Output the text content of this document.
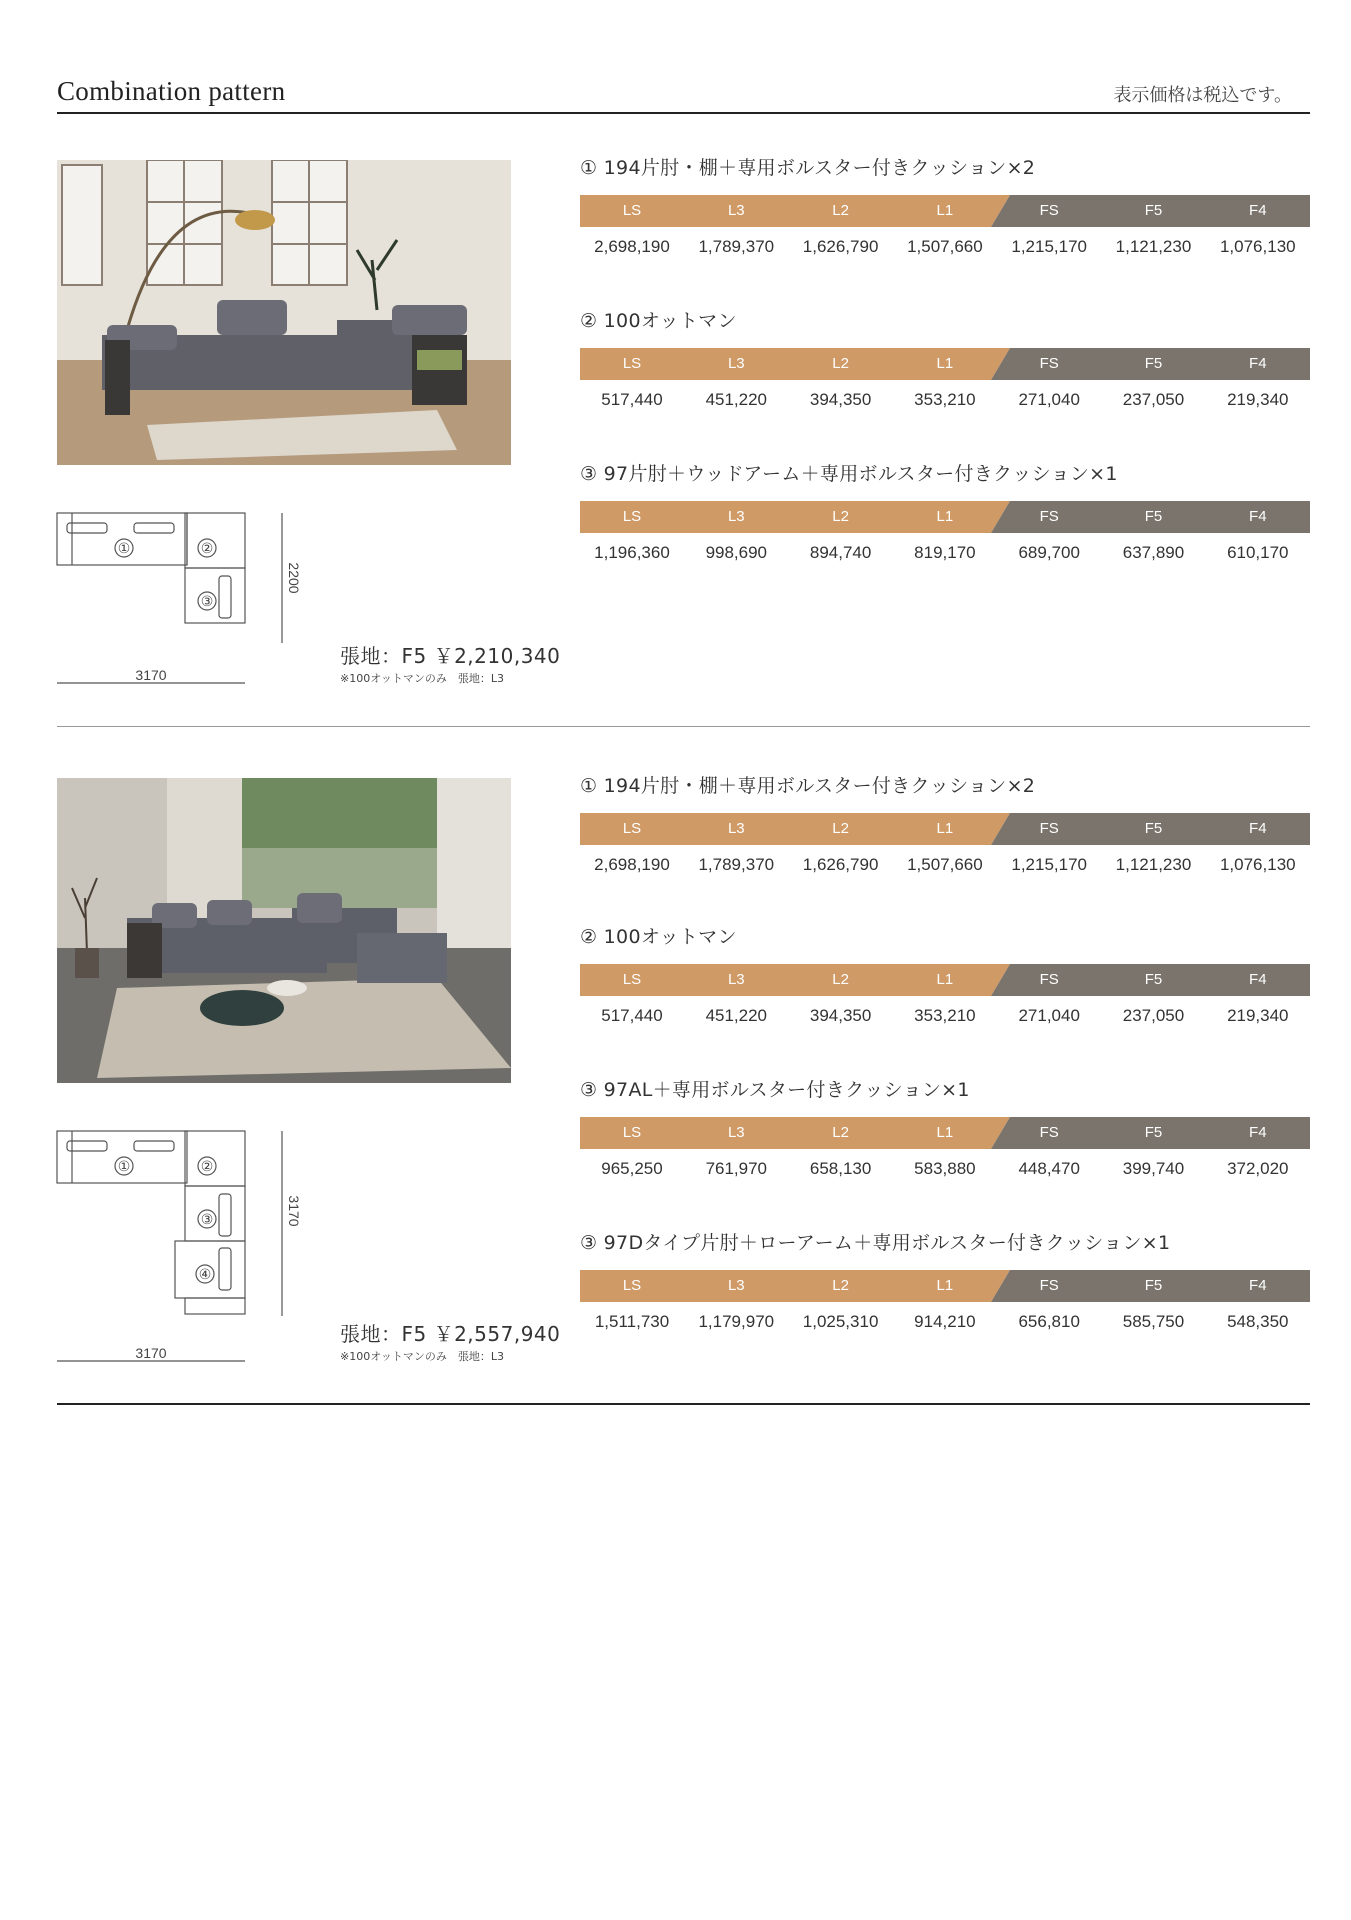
Combination pattern	表示価格は税込です。
①	②
③
3170
2200
張地：F5 ￥2,210,340
※100オットマンのみ　張地：L3
① 194片肘・棚＋専用ボルスター付きクッション×2
LS	L3	L2	L1	FS	F5	F4
2,698,190	1,789,370	1,626,790	1,507,660	1,215,170	1,121,230	1,076,130
② 100オットマン
LS	L3	L2	L1	FS	F5	F4
517,440	451,220	394,350	353,210	271,040	237,050	219,340
③ 97片肘＋ウッドアーム＋専用ボルスター付きクッション×1
LS	L3	L2	L1	FS	F5	F4
1,196,360	998,690	894,740	819,170	689,700	637,890	610,170
①	②
③
④
3170
3170
張地：F5 ￥2,557,940
※100オットマンのみ　張地：L3
① 194片肘・棚＋専用ボルスター付きクッション×2
LS	L3	L2	L1	FS	F5	F4
2,698,190	1,789,370	1,626,790	1,507,660	1,215,170	1,121,230	1,076,130
② 100オットマン
LS	L3	L2	L1	FS	F5	F4
517,440	451,220	394,350	353,210	271,040	237,050	219,340
③ 97AL＋専用ボルスター付きクッション×1
LS	L3	L2	L1	FS	F5	F4
965,250	761,970	658,130	583,880	448,470	399,740	372,020
③ 97Dタイプ片肘＋ローアーム＋専用ボルスター付きクッション×1
LS	L3	L2	L1	FS	F5	F4
1,511,730	1,179,970	1,025,310	914,210	656,810	585,750	548,350
